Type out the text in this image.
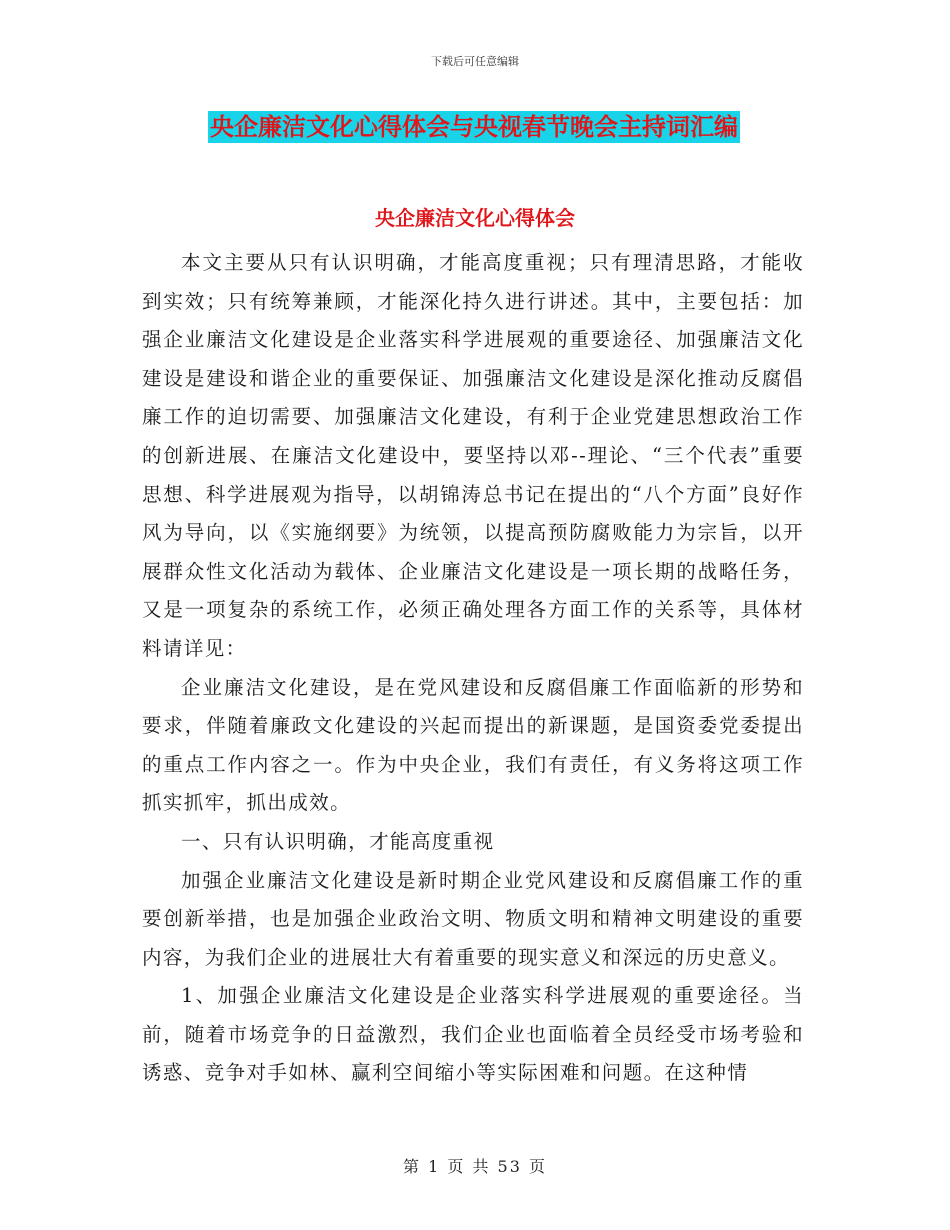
下载后可任意编辑
央企廉洁文化心得体会与央视春节晚会主持词汇编
央企廉洁文化心得体会

本文主要从只有认识明确，才能高度重视；只有理清思路，才能收到实效；只有统筹兼顾，才能深化持久进行讲述。其中，主要包括：加强企业廉洁文化建设是企业落实科学进展观的重要途径、加强廉洁文化建设是建设和谐企业的重要保证、加强廉洁文化建设是深化推动反腐倡廉工作的迫切需要、加强廉洁文化建设，有利于企业党建思想政治工作的创新进展、在廉洁文化建设中，要坚持以邓--理论、“三个代表”重要思想、科学进展观为指导，以胡锦涛总书记在提出的“八个方面”良好作风为导向，以《实施纲要》为统领，以提高预防腐败能力为宗旨，以开展群众性文化活动为载体、企业廉洁文化建设是一项长期的战略任务，又是一项复杂的系统工作，必须正确处理各方面工作的关系等，具体材料请详见：

企业廉洁文化建设，是在党风建设和反腐倡廉工作面临新的形势和要求，伴随着廉政文化建设的兴起而提出的新课题，是国资委党委提出的重点工作内容之一。作为中央企业，我们有责任，有义务将这项工作抓实抓牢，抓出成效。

一、只有认识明确，才能高度重视

加强企业廉洁文化建设是新时期企业党风建设和反腐倡廉工作的重要创新举措，也是加强企业政治文明、物质文明和精神文明建设的重要内容，为我们企业的进展壮大有着重要的现实意义和深远的历史意义。

1、加强企业廉洁文化建设是企业落实科学进展观的重要途径。当前，随着市场竞争的日益激烈，我们企业也面临着全员经受市场考验和诱惑、竞争对手如林、赢利空间缩小等实际困难和问题。在这种情

第 1 页 共 53 页
